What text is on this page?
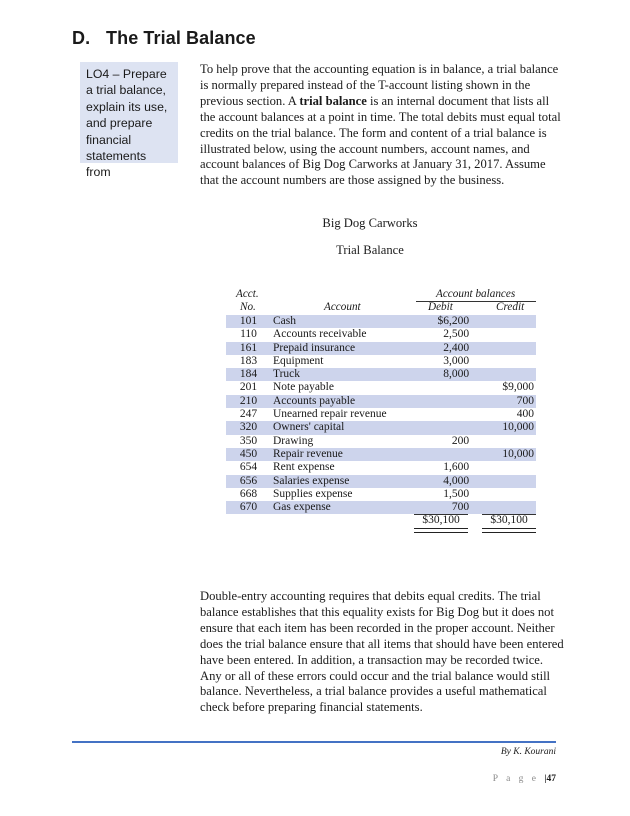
D. The Trial Balance
LO4 – Prepare a trial balance, explain its use, and prepare financial statements from
To help prove that the accounting equation is in balance, a trial balance is normally prepared instead of the T-account listing shown in the previous section. A trial balance is an internal document that lists all the account balances at a point in time. The total debits must equal total credits on the trial balance. The form and content of a trial balance is illustrated below, using the account numbers, account names, and account balances of Big Dog Carworks at January 31, 2017. Assume that the account numbers are those assigned by the business.
Big Dog Carworks
Trial Balance
Acct.
No.	Account
Account balances
Debit	Credit
101	Cash	$6,200		
110	Accounts receivable	2,500		
161	Prepaid insurance	2,400		
183	Equipment	3,000		
184	Truck	8,000		
201	Note payable			$9,000
210	Accounts payable			700
247	Unearned repair revenue			400
320	Owners' capital			10,000
350	Drawing	200		
450	Repair revenue			10,000
654	Rent expense	1,600		
656	Salaries expense	4,000		
668	Supplies expense	1,500		
670	Gas expense	700		
$30,100	$30,100
Double-entry accounting requires that debits equal credits. The trial balance establishes that this equality exists for Big Dog but it does not ensure that each item has been recorded in the proper account. Neither does the trial balance ensure that all items that should have been entered have been entered. In addition, a transaction may be recorded twice. Any or all of these errors could occur and the trial balance would still balance. Nevertheless, a trial balance provides a useful mathematical check before preparing financial statements.
By K. Kourani
P a g e |47
